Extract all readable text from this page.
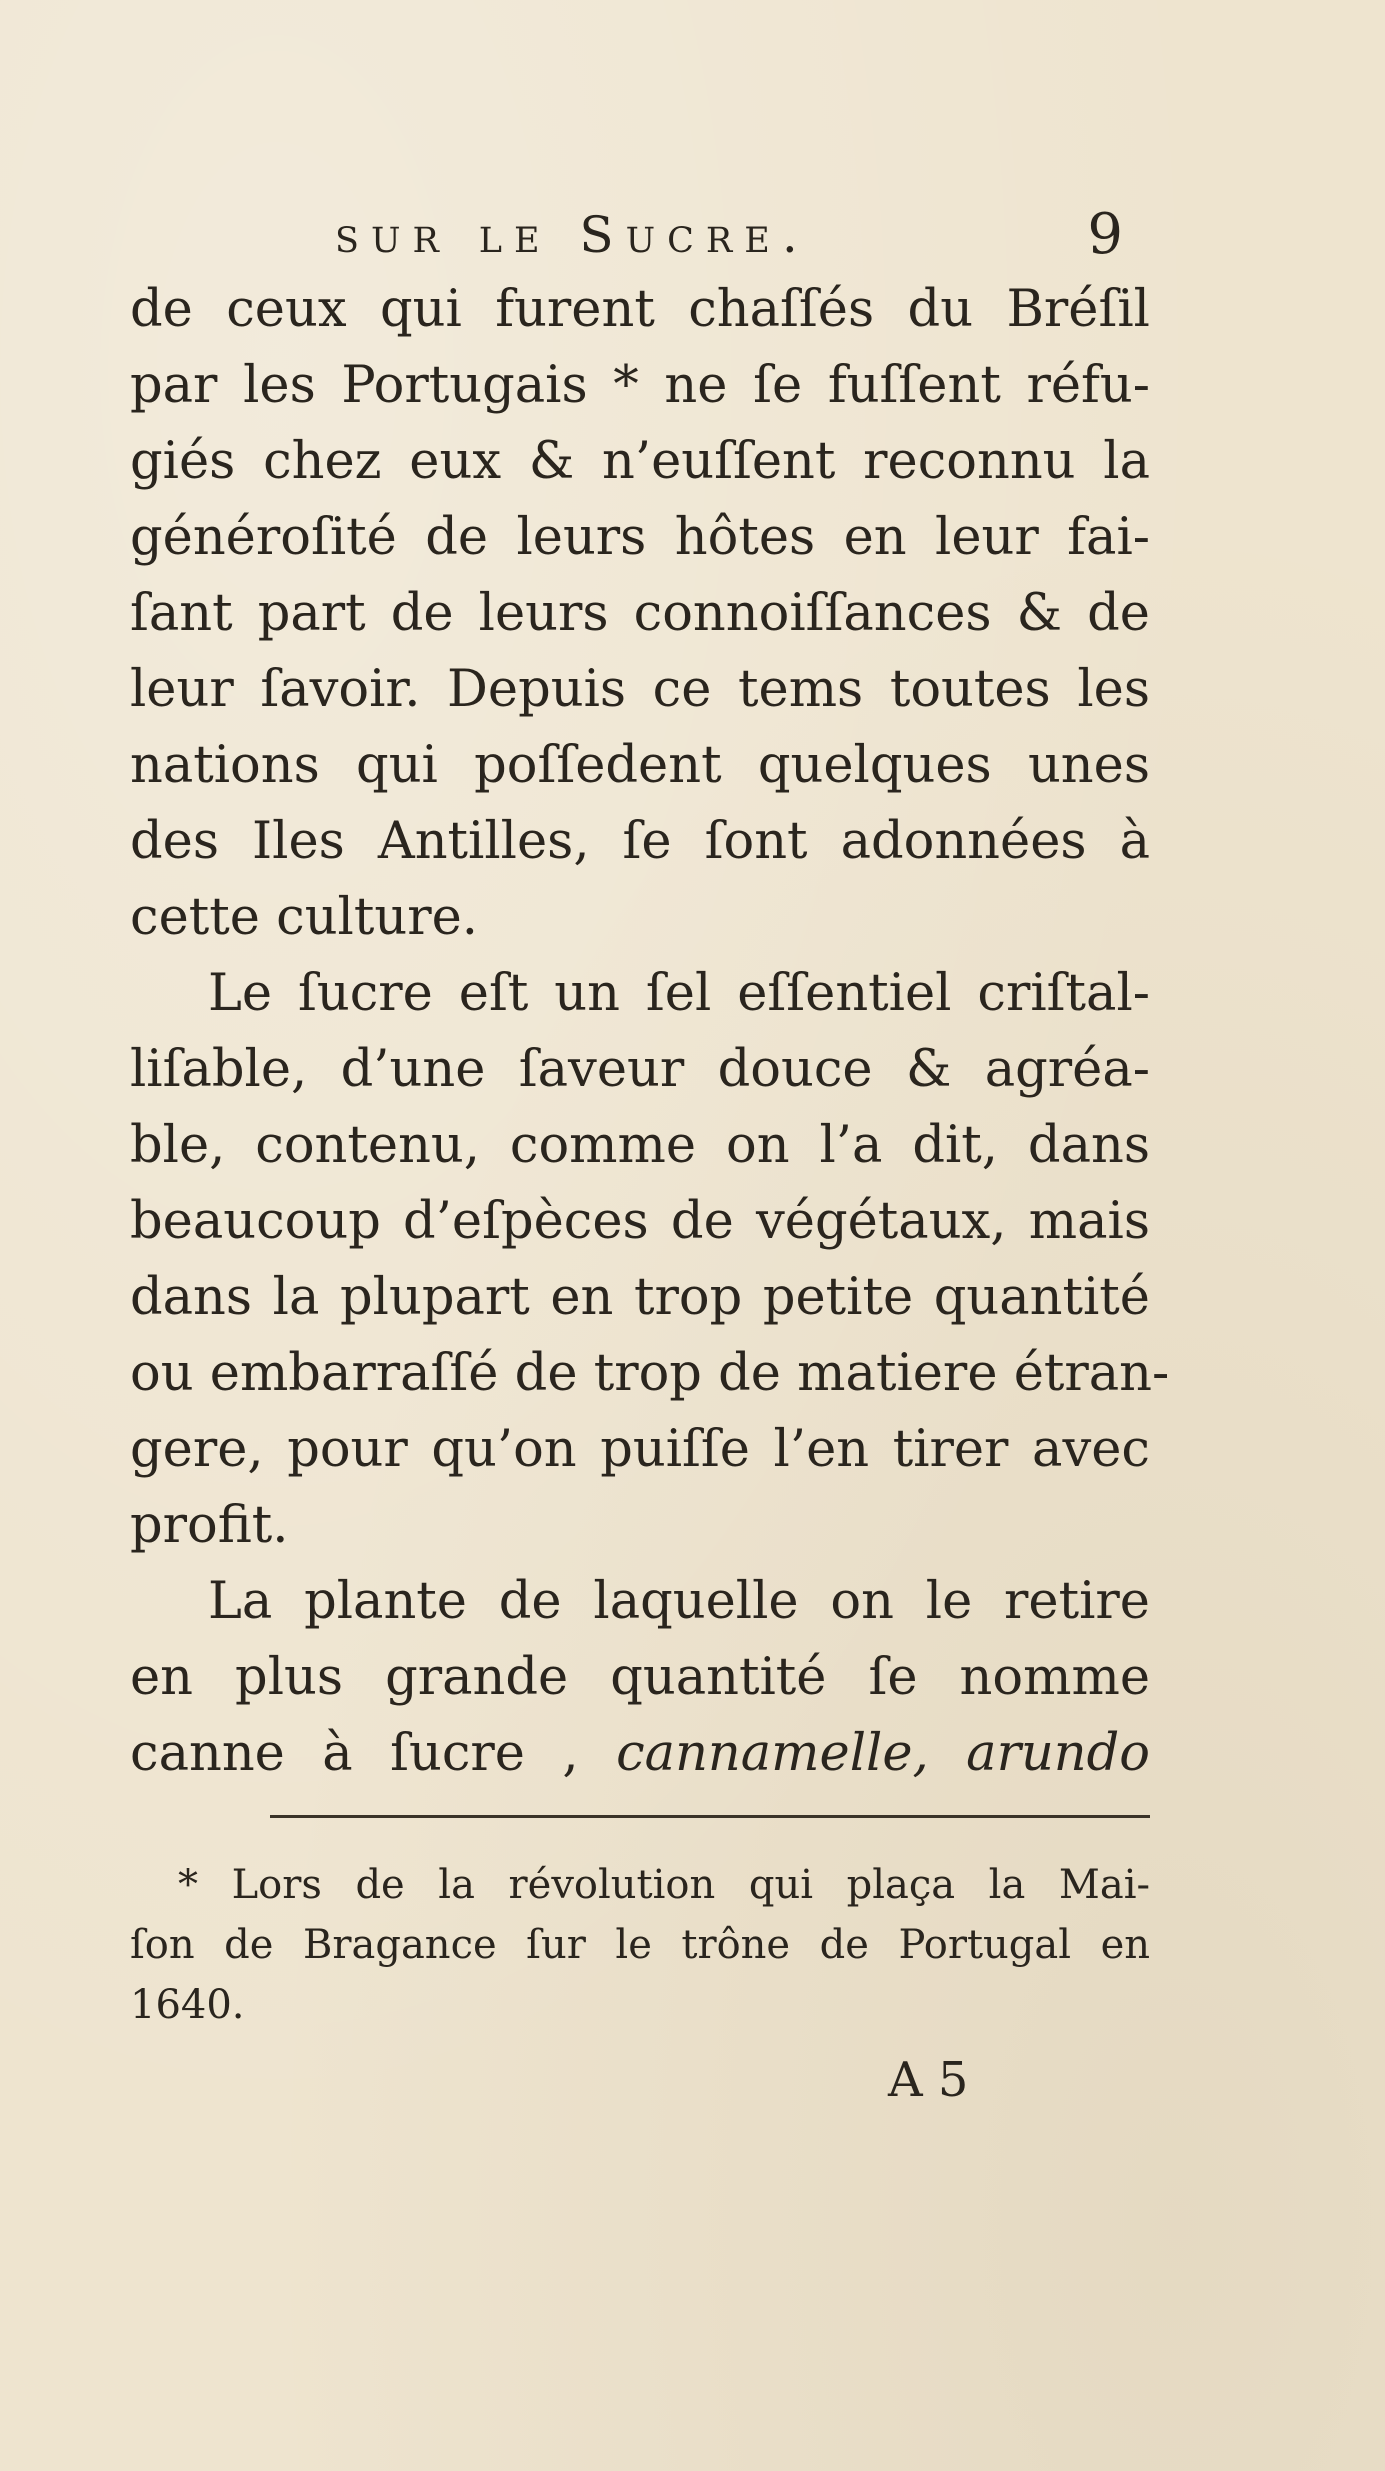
sur le Sucre.	9
de ceux qui furent chaſſés du Bréſil
par les Portugais * ne ſe fuſſent réfu-
giés chez eux & n’euſſent reconnu la
généroſité de leurs hôtes en leur fai-
ſant part de leurs connoiſſances & de
leur ſavoir. Depuis ce tems toutes les
nations qui poſſedent quelques unes
des Iles Antilles, ſe ſont adonnées à
cette culture.
Le ſucre eſt un ſel eſſentiel criſtal-
liſable, d’une ſaveur douce & agréa-
ble, contenu, comme on l’a dit, dans
beaucoup d’eſpèces de végétaux, mais
dans la plupart en trop petite quantité
ou embarraſſé de trop de matiere étran-
gere, pour qu’on puiſſe l’en tirer avec
profit.
La plante de laquelle on le retire
en plus grande quantité ſe nomme
canne à ſucre , cannamelle, arundo
* Lors de la révolution qui plaça la Mai-
ſon de Bragance ſur le trône de Portugal en
1640.
A 5
